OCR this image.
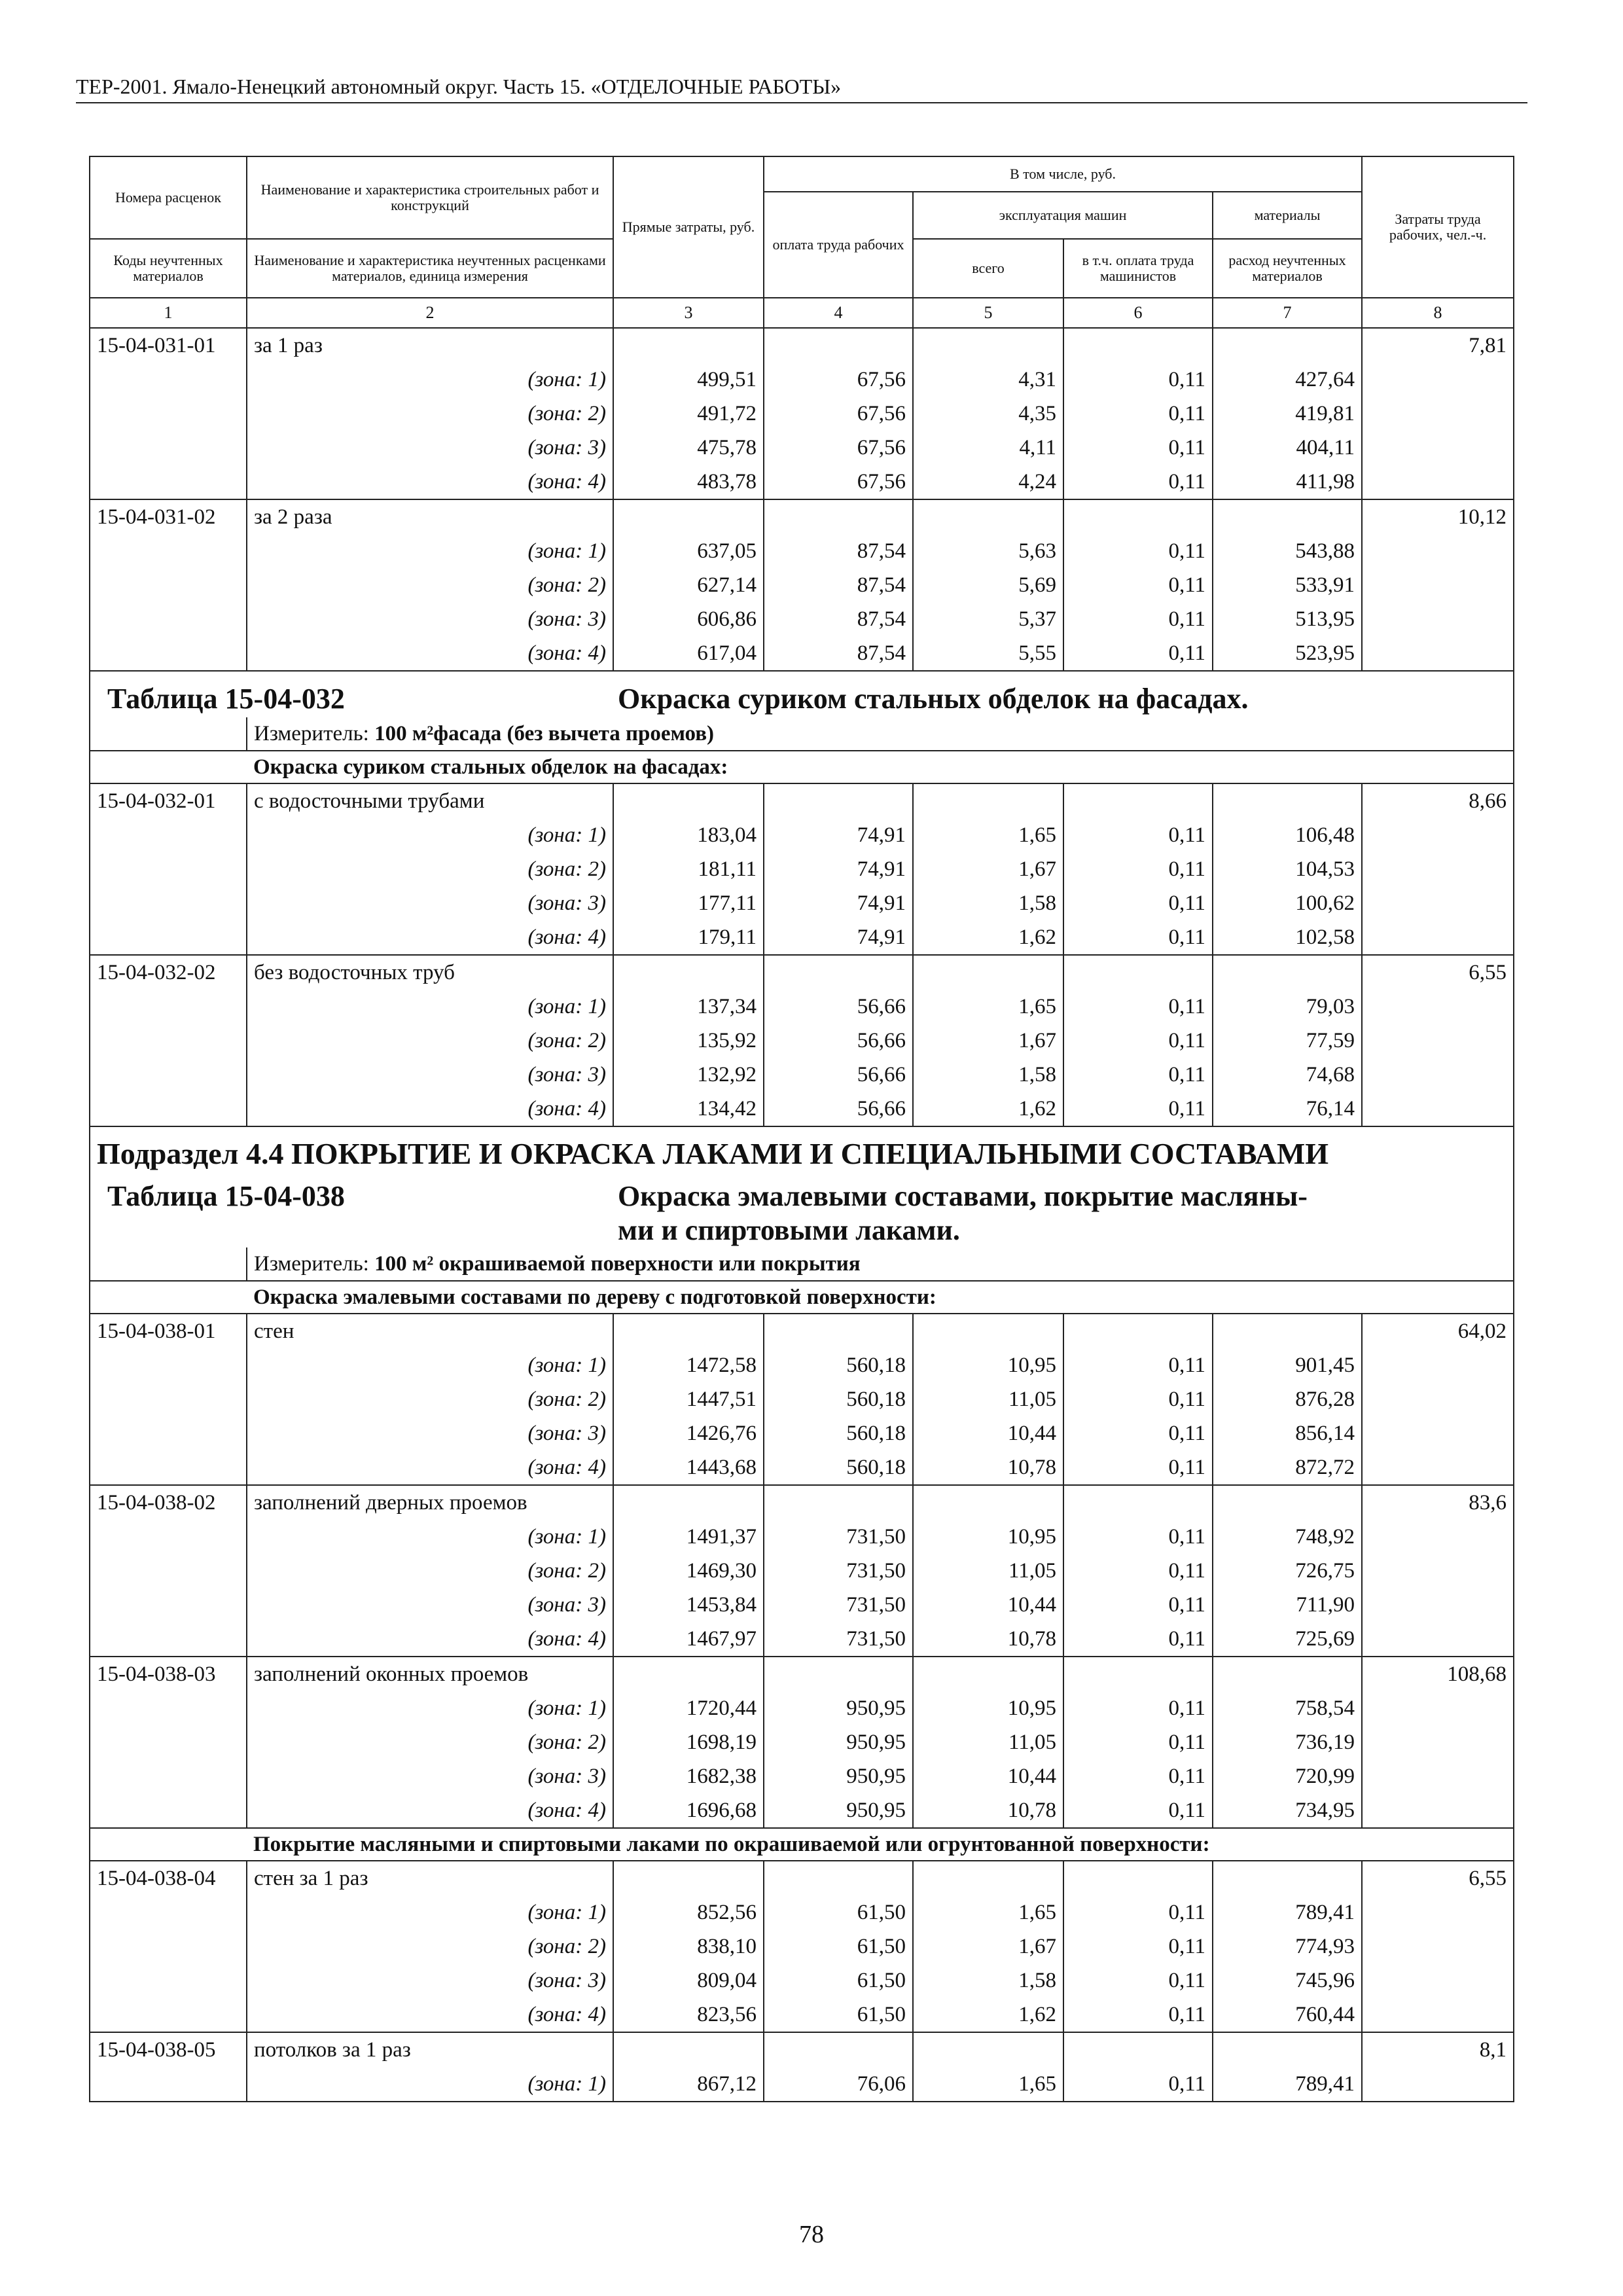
ТЕР-2001. Ямало-Ненецкий автономный округ. Часть 15. «ОТДЕЛОЧНЫЕ РАБОТЫ»
Номера расценок	Наименование и характеристика строительных работ и конструкций	Прямые затраты, руб.	В том числе, руб.				Затраты труда рабочих, чел.-ч.
			оплата труда рабочих	эксплуатация машин		материалы	
Коды неучтенных материалов	Наименование и характеристика неучтенных расценками материалов, единица измерения			всего	в т.ч. оплата труда машинистов	расход неучтенных материалов	
1	2	3	4	5	6	7	8
15-04-031-01	за 1 раз						7,81
	(зона: 1)	499,51	67,56	4,31	0,11	427,64	
	(зона: 2)	491,72	67,56	4,35	0,11	419,81	
	(зона: 3)	475,78	67,56	4,11	0,11	404,11	
	(зона: 4)	483,78	67,56	4,24	0,11	411,98	
15-04-031-02	за 2 раза						10,12
	(зона: 1)	637,05	87,54	5,63	0,11	543,88	
	(зона: 2)	627,14	87,54	5,69	0,11	533,91	
	(зона: 3)	606,86	87,54	5,37	0,11	513,95	
	(зона: 4)	617,04	87,54	5,55	0,11	523,95	

Таблица 15-04-032 Окраска суриком стальных обделок на фасадах.							

	Измеритель: 100 м²фасада (без вычета проемов)						
	Окраска суриком стальных обделок на фасадах:						
15-04-032-01	с водосточными трубами						8,66
	(зона: 1)	183,04	74,91	1,65	0,11	106,48	
	(зона: 2)	181,11	74,91	1,67	0,11	104,53	
	(зона: 3)	177,11	74,91	1,58	0,11	100,62	
	(зона: 4)	179,11	74,91	1,62	0,11	102,58	
15-04-032-02	без водосточных труб						6,55
	(зона: 1)	137,34	56,66	1,65	0,11	79,03	
	(зона: 2)	135,92	56,66	1,67	0,11	77,59	
	(зона: 3)	132,92	56,66	1,58	0,11	74,68	
	(зона: 4)	134,42	56,66	1,62	0,11	76,14	
Подраздел 4.4 ПОКРЫТИЕ И ОКРАСКА ЛАКАМИ И СПЕЦИАЛЬНЫМИ СОСТАВАМИ							

Таблица 15-04-038 Окраска эмалевыми составами, покрытие масляны-
ми и спиртовыми лаками.							

	Измеритель: 100 м² окрашиваемой поверхности или покрытия						
	Окраска эмалевыми составами по дереву с подготовкой поверхности:						
15-04-038-01	стен						64,02
	(зона: 1)	1472,58	560,18	10,95	0,11	901,45	
	(зона: 2)	1447,51	560,18	11,05	0,11	876,28	
	(зона: 3)	1426,76	560,18	10,44	0,11	856,14	
	(зона: 4)	1443,68	560,18	10,78	0,11	872,72	
15-04-038-02	заполнений дверных проемов						83,6
	(зона: 1)	1491,37	731,50	10,95	0,11	748,92	
	(зона: 2)	1469,30	731,50	11,05	0,11	726,75	
	(зона: 3)	1453,84	731,50	10,44	0,11	711,90	
	(зона: 4)	1467,97	731,50	10,78	0,11	725,69	
15-04-038-03	заполнений оконных проемов						108,68
	(зона: 1)	1720,44	950,95	10,95	0,11	758,54	
	(зона: 2)	1698,19	950,95	11,05	0,11	736,19	
	(зона: 3)	1682,38	950,95	10,44	0,11	720,99	
	(зона: 4)	1696,68	950,95	10,78	0,11	734,95	
	Покрытие масляными и спиртовыми лаками по окрашиваемой или огрунтованной поверхности:						
15-04-038-04	стен за 1 раз						6,55
	(зона: 1)	852,56	61,50	1,65	0,11	789,41	
	(зона: 2)	838,10	61,50	1,67	0,11	774,93	
	(зона: 3)	809,04	61,50	1,58	0,11	745,96	
	(зона: 4)	823,56	61,50	1,62	0,11	760,44	
15-04-038-05	потолков за 1 раз						8,1
	(зона: 1)	867,12	76,06	1,65	0,11	789,41	
78
